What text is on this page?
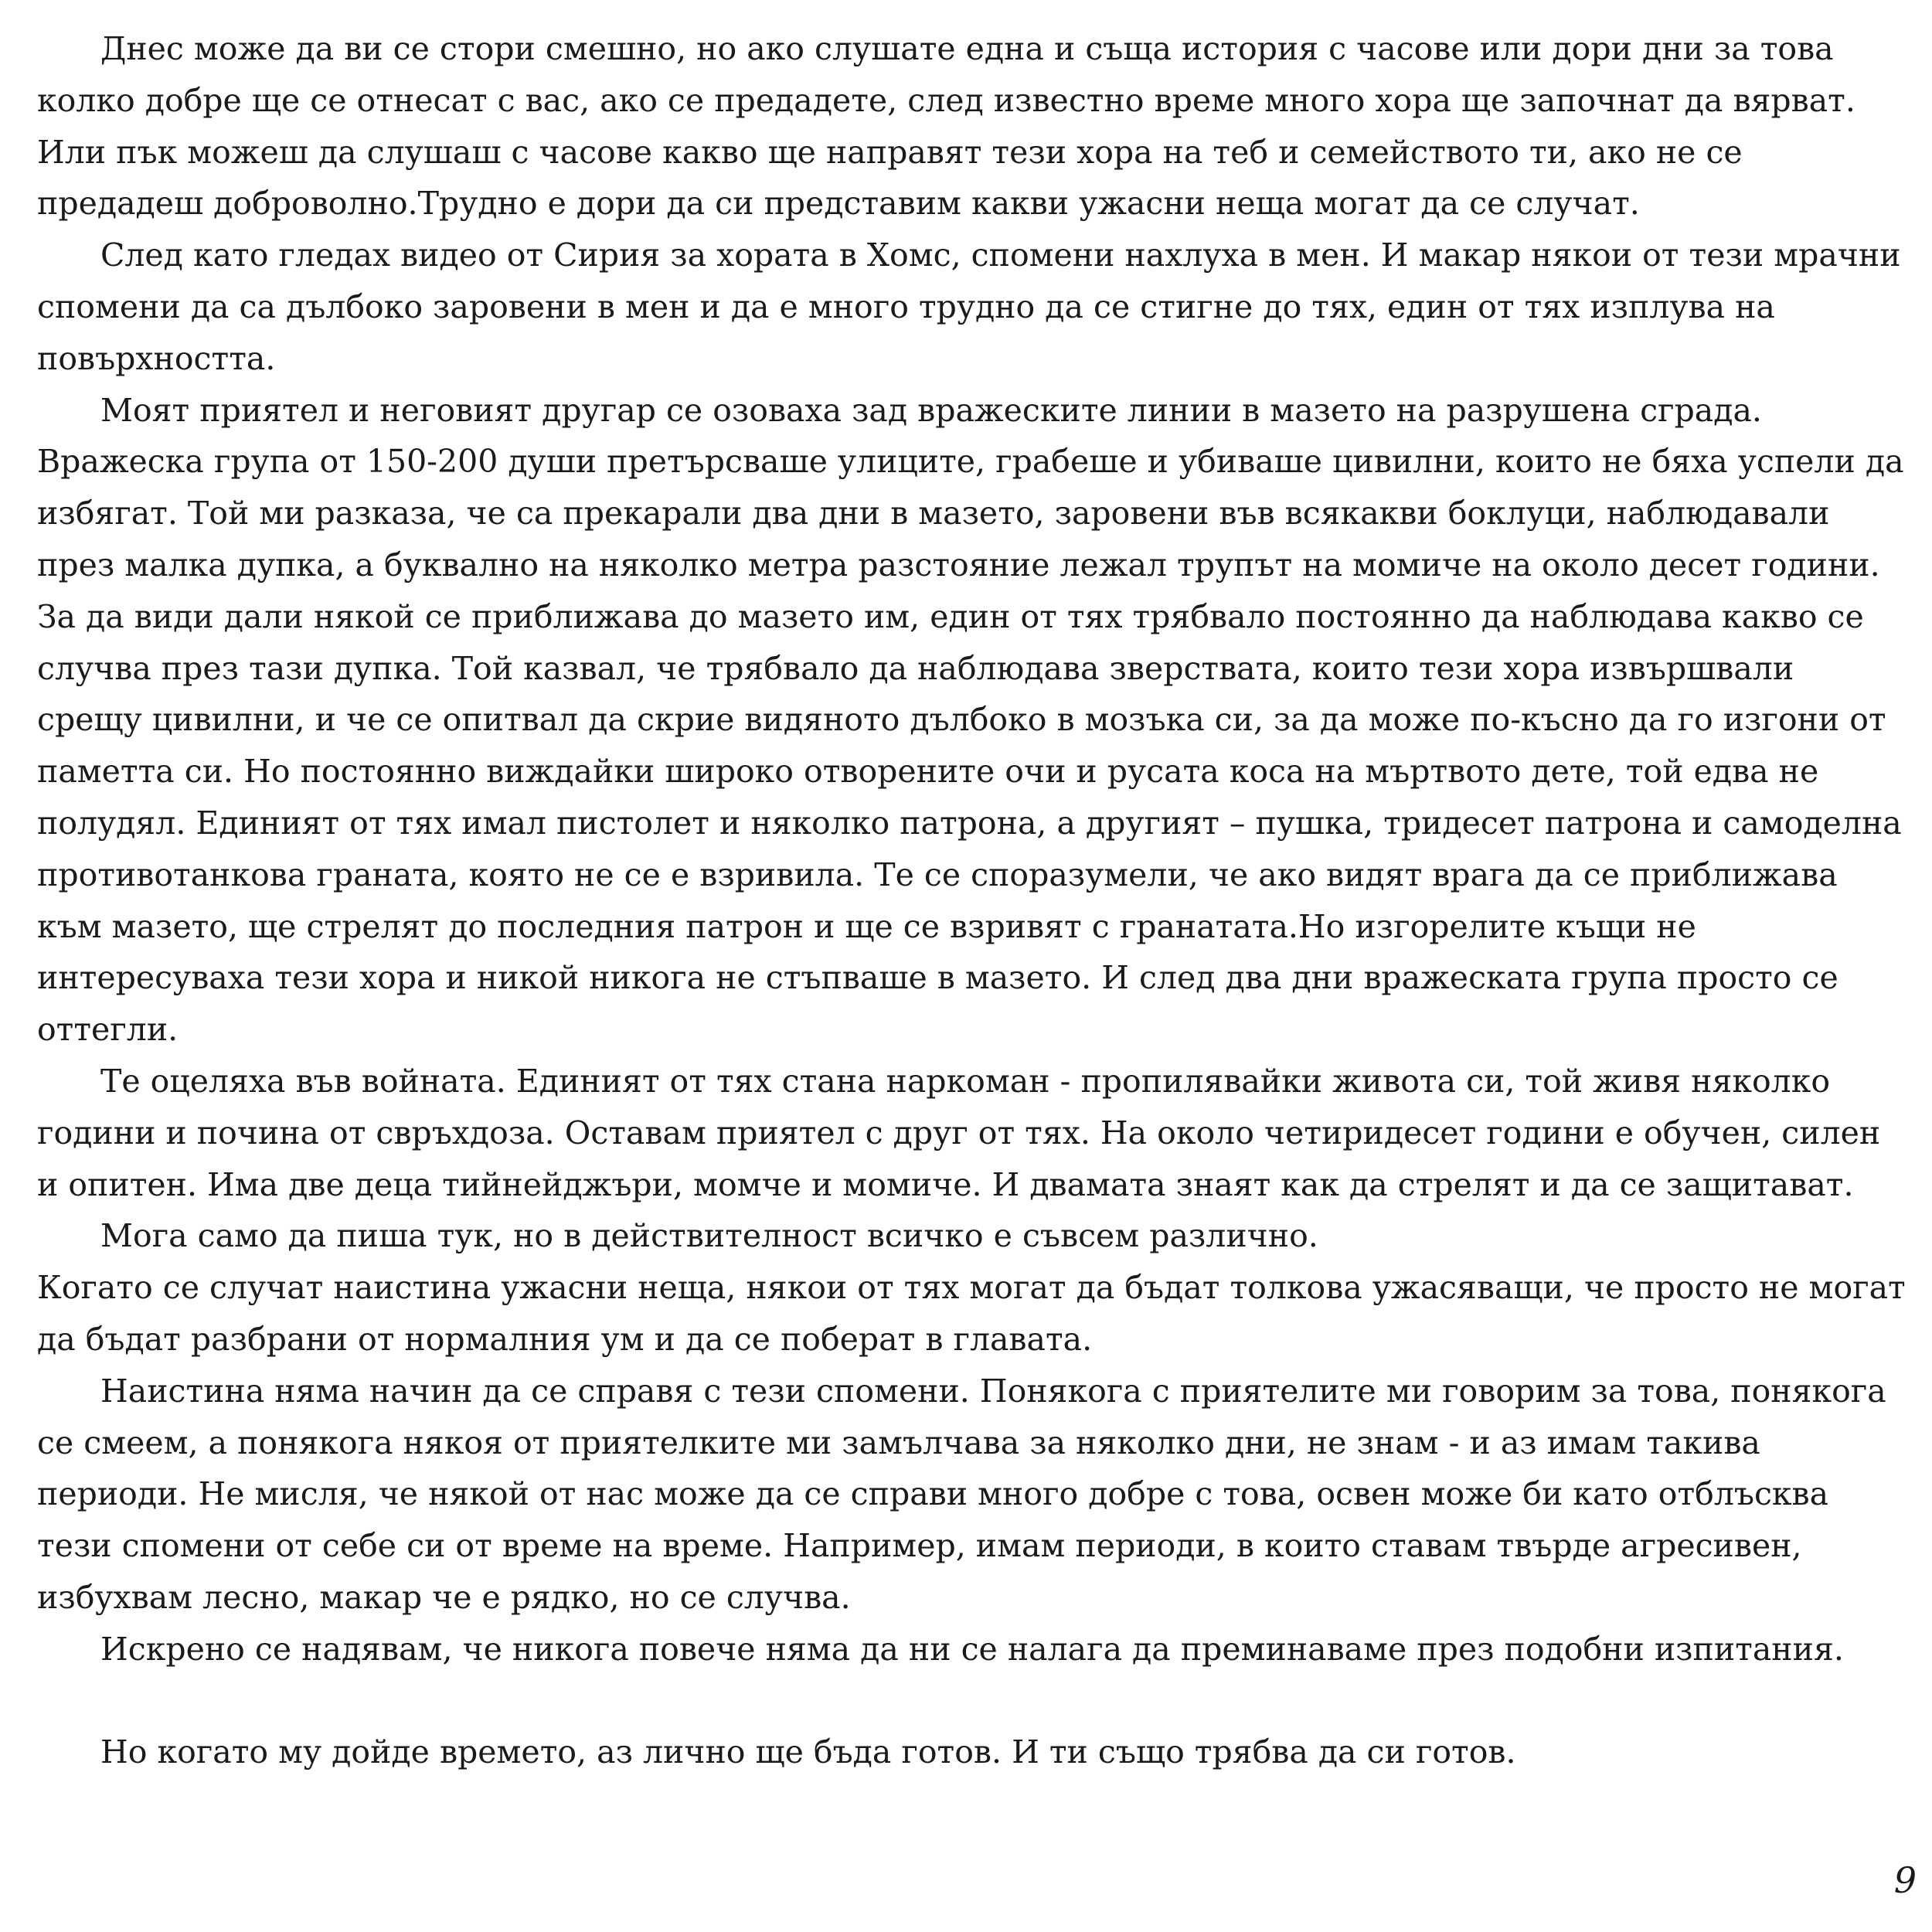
Днес може да ви се стори смешно, но ако слушате една и съща история с часове или дори дни за това колко добре ще се отнесат с вас, ако се предадете, след известно време много хора ще започнат да вярват. Или пък можеш да слушаш с часове какво ще направят тези хора на теб и семейството ти, ако не се предадеш доброволно.Трудно е дори да си представим какви ужасни неща могат да се случат.

След като гледах видео от Сирия за хората в Хомс, спомени нахлуха в мен. И макар някои от тези мрачни спомени да са дълбоко заровени в мен и да е много трудно да се стигне до тях, един от тях изплува на повърхността.

Моят приятел и неговият другар се озоваха зад вражеските линии в мазето на разрушена сграда. Вражеска група от 150-200 души претърсваше улиците, грабеше и убиваше цивилни, които не бяха успели да избягат. Той ми разказа, че са прекарали два дни в мазето, заровени във всякакви боклуци, наблюдавали през малка дупка, а буквално на няколко метра разстояние лежал трупът на момиче на около десет години. За да види дали някой се приближава до мазето им, един от тях трябвало постоянно да наблюдава какво се случва през тази дупка. Той казвал, че трябвало да наблюдава зверствата, които тези хора извършвали срещу цивилни, и че се опитвал да скрие видяното дълбоко в мозъка си, за да може по-късно да го изгони от паметта си. Но постоянно виждайки широко отворените очи и русата коса на мъртвото дете, той едва не полудял. Единият от тях имал пистолет и няколко патрона, а другият – пушка, тридесет патрона и самоделна противотанкова граната, която не се е взривила. Те се споразумели, че ако видят врага да се приближава към мазето, ще стрелят до последния патрон и ще се взривят с гранатата.Но изгорелите къщи не интересуваха тези хора и никой никога не стъпваше в мазето. И след два дни вражеската група просто се оттегли.

Те оцеляха във войната. Единият от тях стана наркоман - пропилявайки живота си, той живя няколко години и почина от свръхдоза. Оставам приятел с друг от тях. На около четиридесет години е обучен, силен и опитен. Има две деца тийнейджъри, момче и момиче. И двамата знаят как да стрелят и да се защитават.

Мога само да пиша тук, но в действителност всичко е съвсем различно.

Когато се случат наистина ужасни неща, някои от тях могат да бъдат толкова ужасяващи, че просто не могат да бъдат разбрани от нормалния ум и да се поберат в главата.

Наистина няма начин да се справя с тези спомени. Понякога с приятелите ми говорим за това, понякога се смеем, а понякога някоя от приятелките ми замълчава за няколко дни, не знам - и аз имам такива периоди. Не мисля, че някой от нас може да се справи много добре с това, освен може би като отблъсква тези спомени от себе си от време на време. Например, имам периоди, в които ставам твърде агресивен, избухвам лесно, макар че е рядко, но се случва.

Искрено се надявам, че никога повече няма да ни се налага да преминаваме през подобни изпитания.

Но когато му дойде времето, аз лично ще бъда готов. И ти също трябва да си готов.

9
